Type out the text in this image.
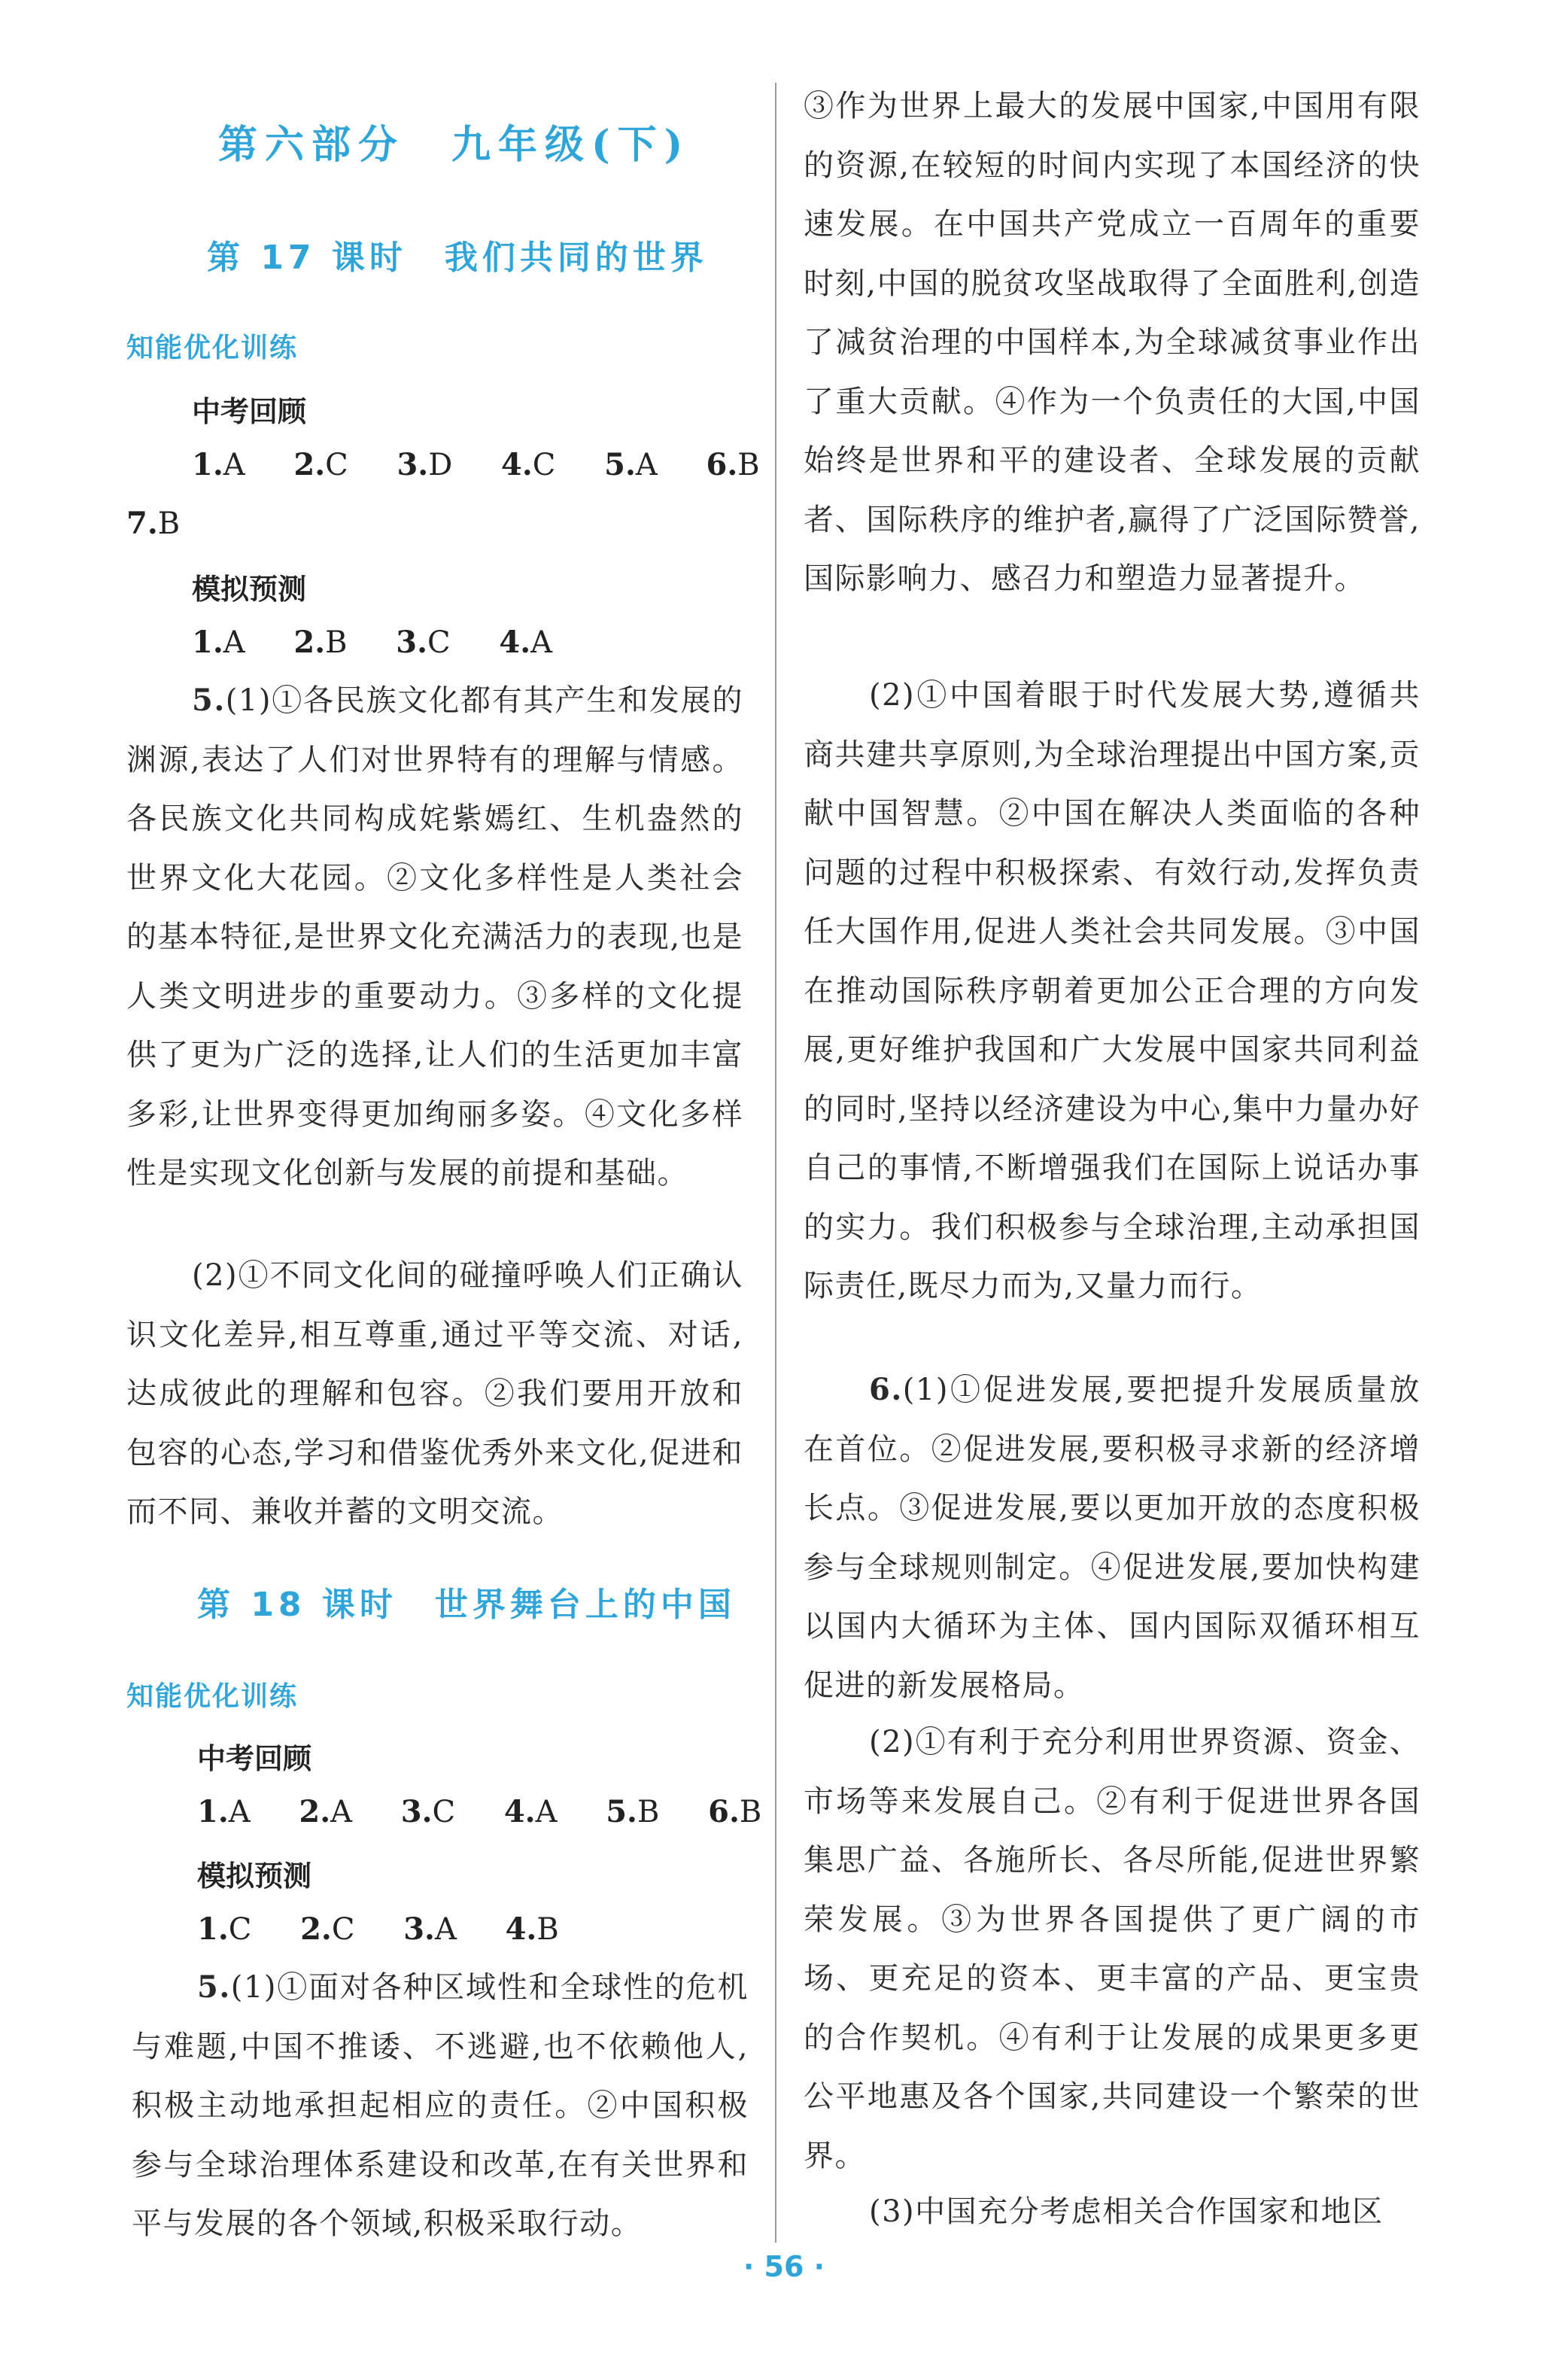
第六部分　九年级(下)
第 17 课时　我们共同的世界
知能优化训练
中考回顾
1.A 2.C 3.D 4.C 5.A 6.B
7.B
模拟预测
1.A 2.B 3.C 4.A
5.(1)①各民族文化都有其产生和发展的渊源,表达了人们对世界特有的理解与情感。各民族文化共同构成姹紫嫣红、生机盎然的世界文化大花园。②文化多样性是人类社会的基本特征,是世界文化充满活力的表现,也是人类文明进步的重要动力。③多样的文化提供了更为广泛的选择,让人们的生活更加丰富多彩,让世界变得更加绚丽多姿。④文化多样性是实现文化创新与发展的前提和基础。
(2)①不同文化间的碰撞呼唤人们正确认识文化差异,相互尊重,通过平等交流、对话,达成彼此的理解和包容。②我们要用开放和包容的心态,学习和借鉴优秀外来文化,促进和而不同、兼收并蓄的文明交流。
第 18 课时　世界舞台上的中国
知能优化训练
中考回顾
1.A 2.A 3.C 4.A 5.B 6.B
模拟预测
1.C 2.C 3.A 4.B
5.(1)①面对各种区域性和全球性的危机与难题,中国不推诿、不逃避,也不依赖他人,积极主动地承担起相应的责任。②中国积极参与全球治理体系建设和改革,在有关世界和平与发展的各个领域,积极采取行动。
③作为世界上最大的发展中国家,中国用有限的资源,在较短的时间内实现了本国经济的快速发展。在中国共产党成立一百周年的重要时刻,中国的脱贫攻坚战取得了全面胜利,创造了减贫治理的中国样本,为全球减贫事业作出了重大贡献。④作为一个负责任的大国,中国始终是世界和平的建设者、全球发展的贡献者、国际秩序的维护者,赢得了广泛国际赞誉,国际影响力、感召力和塑造力显著提升。
(2)①中国着眼于时代发展大势,遵循共商共建共享原则,为全球治理提出中国方案,贡献中国智慧。②中国在解决人类面临的各种问题的过程中积极探索、有效行动,发挥负责任大国作用,促进人类社会共同发展。③中国在推动国际秩序朝着更加公正合理的方向发展,更好维护我国和广大发展中国家共同利益的同时,坚持以经济建设为中心,集中力量办好自己的事情,不断增强我们在国际上说话办事的实力。我们积极参与全球治理,主动承担国际责任,既尽力而为,又量力而行。
6.(1)①促进发展,要把提升发展质量放在首位。②促进发展,要积极寻求新的经济增长点。③促进发展,要以更加开放的态度积极参与全球规则制定。④促进发展,要加快构建以国内大循环为主体、国内国际双循环相互促进的新发展格局。
(2)①有利于充分利用世界资源、资金、市场等来发展自己。②有利于促进世界各国集思广益、各施所长、各尽所能,促进世界繁荣发展。③为世界各国提供了更广阔的市场、更充足的资本、更丰富的产品、更宝贵的合作契机。④有利于让发展的成果更多更公平地惠及各个国家,共同建设一个繁荣的世界。
(3)中国充分考虑相关合作国家和地区
· 56 ·
